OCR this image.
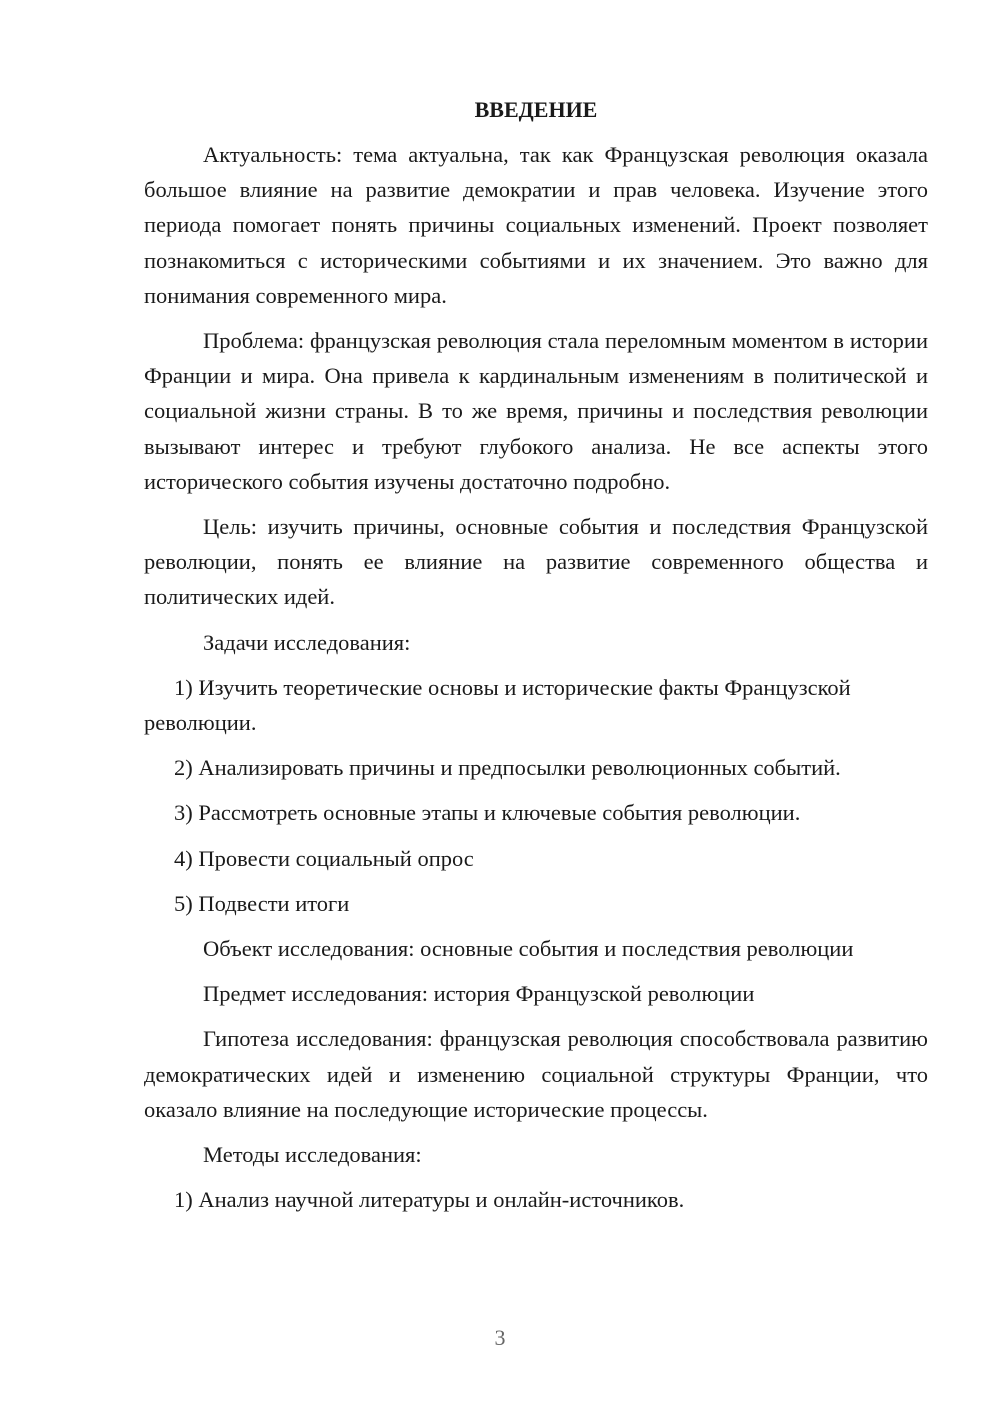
ВВЕДЕНИЕ

Актуальность: тема актуальна, так как Французская революция оказала большое влияние на развитие демократии и прав человека. Изучение этого периода помогает понять причины социальных изменений. Проект позволяет познакомиться с историческими событиями и их значением. Это важно для понимания современного мира.

Проблема: французская революция стала переломным моментом в истории Франции и мира. Она привела к кардинальным изменениям в политической и социальной жизни страны. В то же время, причины и последствия революции вызывают интерес и требуют глубокого анализа. Не все аспекты этого исторического события изучены достаточно подробно.

Цель: изучить причины, основные события и последствия Французской революции, понять ее влияние на развитие современного общества и политических идей.

Задачи исследования:

1) Изучить теоретические основы и исторические факты Французской революции.

2) Анализировать причины и предпосылки революционных событий.

3) Рассмотреть основные этапы и ключевые события революции.

4) Провести социальный опрос

5) Подвести итоги

Объект исследования: основные события и последствия революции

Предмет исследования: история Французской революции

Гипотеза исследования: французская революция способствовала развитию демократических идей и изменению социальной структуры Франции, что оказало влияние на последующие исторические процессы.

Методы исследования:

1) Анализ научной литературы и онлайн-источников.

3
